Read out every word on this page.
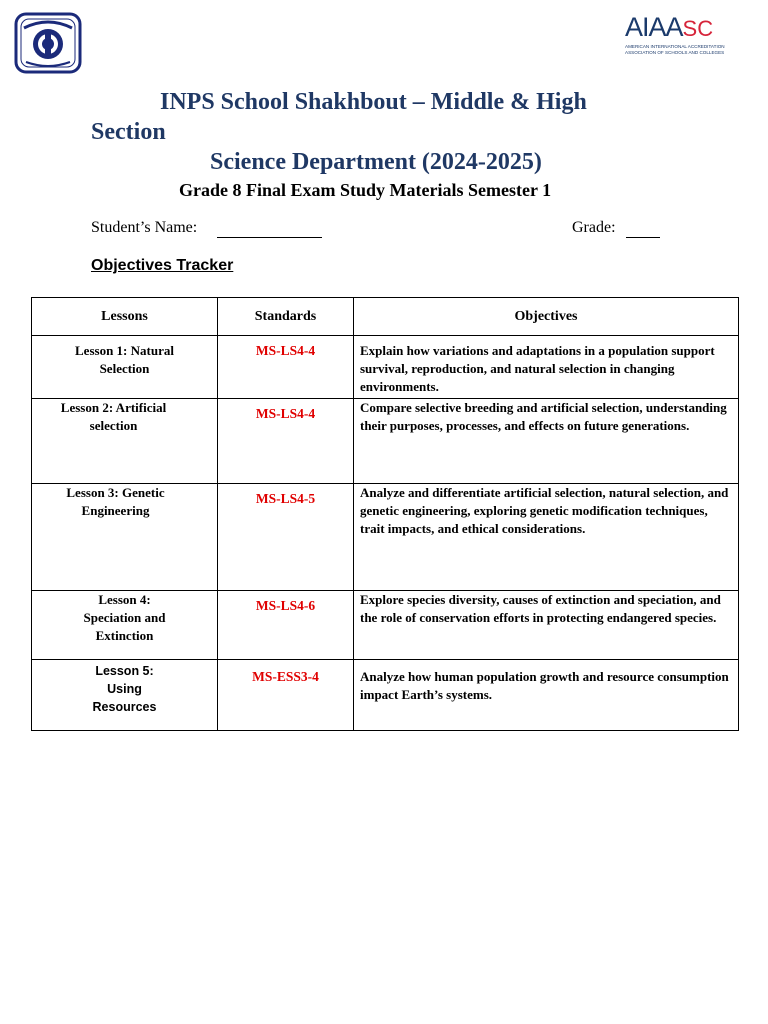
AIAASC
AMERICAN INTERNATIONAL ACCREDITATION ASSOCIATION OF SCHOOLS AND COLLEGES
INPS School Shakhbout – Middle & High
Section
Science Department (2024-2025)
Grade 8 Final Exam Study Materials Semester 1
Student’s Name:	Grade:
Objectives Tracker
Lessons	Standards	Objectives
Lesson 1: Natural Selection	MS-LS4-4	Explain how variations and adaptations in a population support survival, reproduction, and natural selection in changing environments.
Lesson 2: Artificial selection	MS-LS4-4	Compare selective breeding and artificial selection, understanding their purposes, processes, and effects on future generations.
Lesson 3: Genetic Engineering	MS-LS4-5	Analyze and differentiate artificial selection, natural selection, and genetic engineering, exploring genetic modification techniques, trait impacts, and ethical considerations.
Lesson 4: Speciation and Extinction	MS-LS4-6	Explore species diversity, causes of extinction and speciation, and the role of conservation efforts in protecting endangered species.
Lesson 5: Using Resources	MS-ESS3-4	Analyze how human population growth and resource consumption impact Earth’s systems.
